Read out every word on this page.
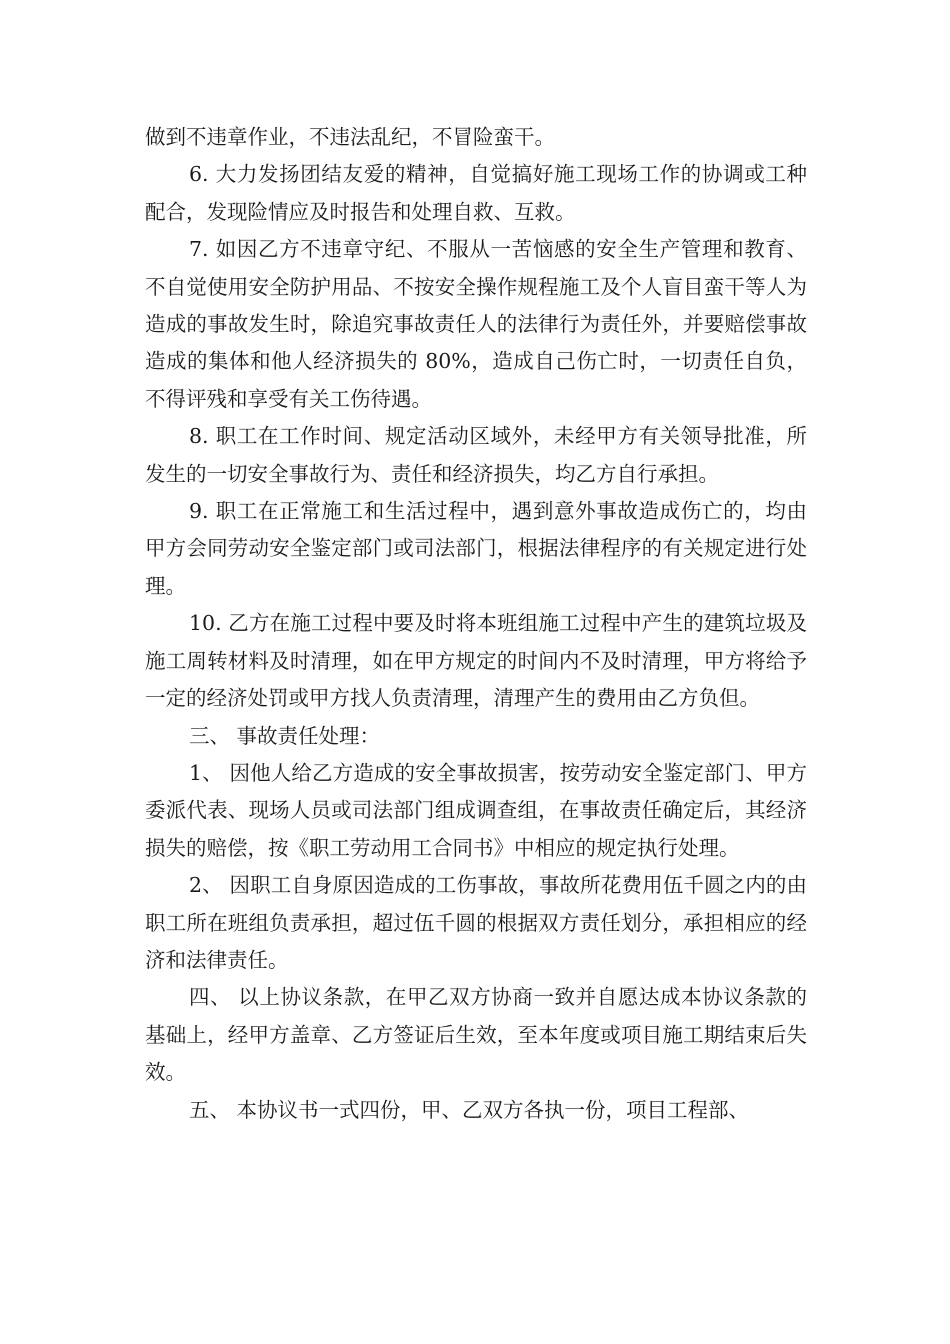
做到不违章作业，不违法乱纪，不冒险蛮干。

6. 大力发扬团结友爱的精神，自觉搞好施工现场工作的协调或工种配合，发现险情应及时报告和处理自救、互救。

7. 如因乙方不违章守纪、不服从一苦恼感的安全生产管理和教育、不自觉使用安全防护用品、不按安全操作规程施工及个人盲目蛮干等人为造成的事故发生时，除追究事故责任人的法律行为责任外，并要赔偿事故造成的集体和他人经济损失的 80%，造成自己伤亡时，一切责任自负，不得评残和享受有关工伤待遇。

8. 职工在工作时间、规定活动区域外，未经甲方有关领导批准，所发生的一切安全事故行为、责任和经济损失，均乙方自行承担。

9. 职工在正常施工和生活过程中，遇到意外事故造成伤亡的，均由甲方会同劳动安全鉴定部门或司法部门，根据法律程序的有关规定进行处理。

10. 乙方在施工过程中要及时将本班组施工过程中产生的建筑垃圾及施工周转材料及时清理，如在甲方规定的时间内不及时清理，甲方将给予一定的经济处罚或甲方找人负责清理，清理产生的费用由乙方负但。

三、 事故责任处理：

1、 因他人给乙方造成的安全事故损害，按劳动安全鉴定部门、甲方委派代表、现场人员或司法部门组成调查组，在事故责任确定后，其经济损失的赔偿，按《职工劳动用工合同书》中相应的规定执行处理。

2、 因职工自身原因造成的工伤事故，事故所花费用伍千圆之内的由职工所在班组负责承担，超过伍千圆的根据双方责任划分，承担相应的经济和法律责任。

四、 以上协议条款，在甲乙双方协商一致并自愿达成本协议条款的基础上，经甲方盖章、乙方签证后生效，至本年度或项目施工期结束后失效。

五、 本协议书一式四份，甲、乙双方各执一份，项目工程部、
